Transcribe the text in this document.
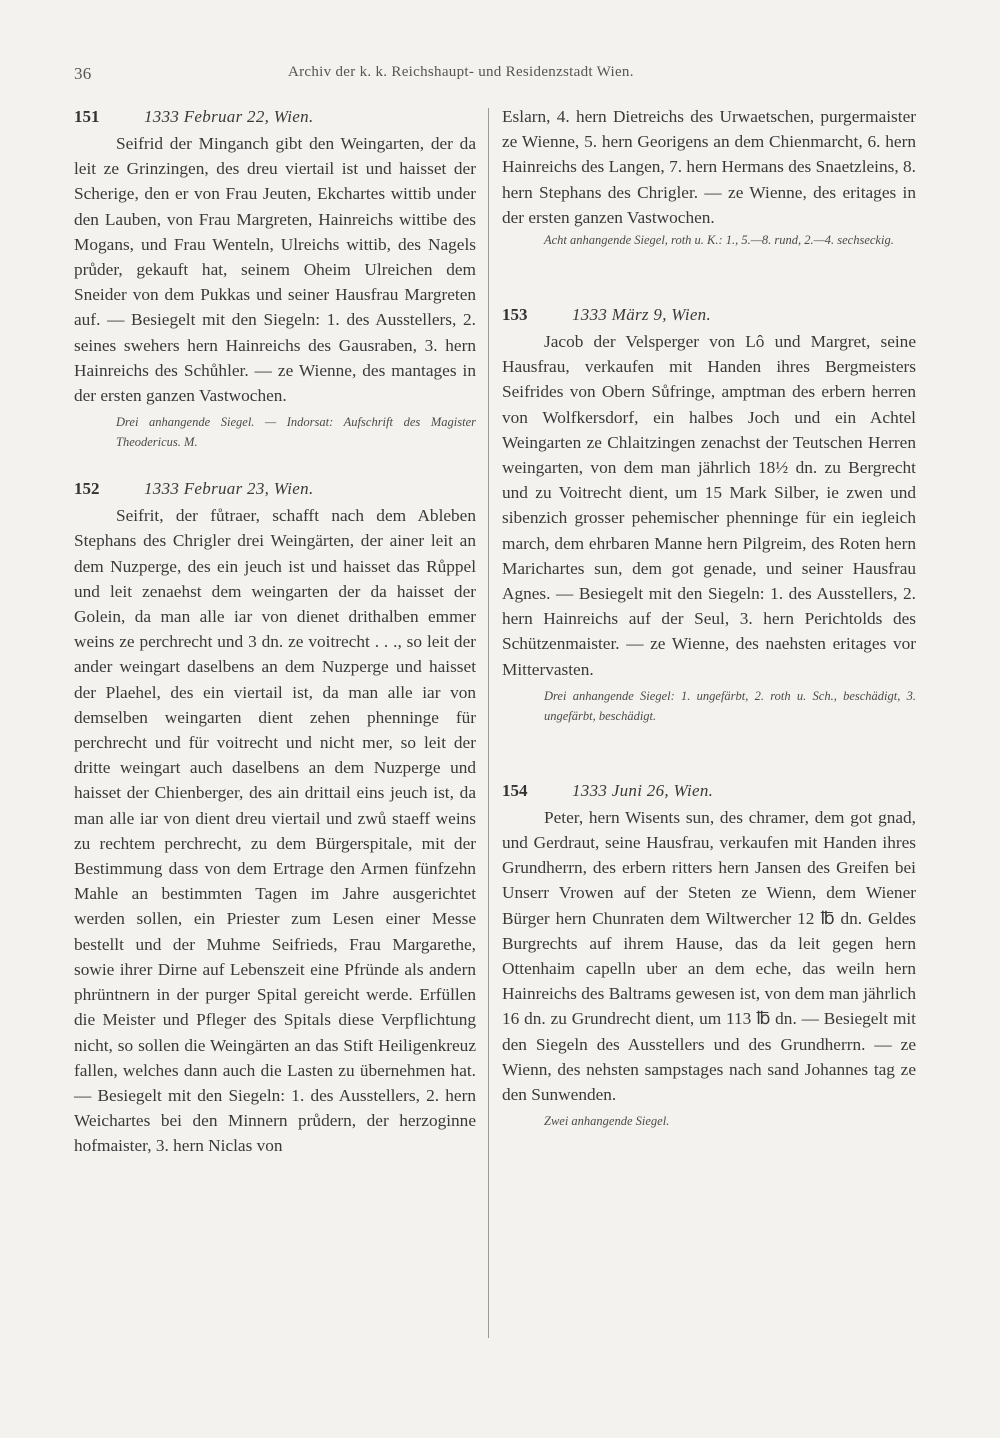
36	Archiv der k. k. Reichshaupt- und Residenzstadt Wien.
151	1333 Februar 22, Wien.

Seifrid der Minganch gibt den Weingarten, der da leit ze Grinzingen, des dreu viertail ist und haisset der Scherige, den er von Frau Jeuten, Ekchartes wittib under den Lauben, von Frau Margreten, Hainreichs wittibe des Mogans, und Frau Wenteln, Ulreichs wittib, des Nagels průder, gekauft hat, seinem Oheim Ulreichen dem Sneider von dem Pukkas und seiner Hausfrau Margreten auf. — Besiegelt mit den Siegeln: 1. des Ausstellers, 2. seines swehers hern Hainreichs des Gausraben, 3. hern Hainreichs des Schůhler. — ze Wienne, des mantages in der ersten ganzen Vastwochen.

Drei anhangende Siegel. — Indorsat: Aufschrift des Magister Theodericus. M.

152	1333 Februar 23, Wien.

Seifrit, der fůtraer, schafft nach dem Ableben Stephans des Chrigler drei Weingärten, der ainer leit an dem Nuzperge, des ein jeuch ist und haisset das Růppel und leit zenaehst dem weingarten der da haisset der Golein, da man alle iar von dienet drithalben emmer weins ze perchrecht und 3 dn. ze voitrecht . . ., so leit der ander weingart daselbens an dem Nuzperge und haisset der Plaehel, des ein viertail ist, da man alle iar von demselben weingarten dient zehen phenninge für perchrecht und für voitrecht und nicht mer, so leit der dritte weingart auch daselbens an dem Nuzperge und haisset der Chienberger, des ain drittail eins jeuch ist, da man alle iar von dient dreu viertail und zwů staeff weins zu rechtem perchrecht, zu dem Bürgerspitale, mit der Bestimmung dass von dem Ertrage den Armen fünfzehn Mahle an bestimmten Tagen im Jahre ausgerichtet werden sollen, ein Priester zum Lesen einer Messe bestellt und der Muhme Seifrieds, Frau Margarethe, sowie ihrer Dirne auf Lebenszeit eine Pfründe als andern phrüntnern in der purger Spital gereicht werde. Erfüllen die Meister und Pfleger des Spitals diese Verpflichtung nicht, so sollen die Weingärten an das Stift Heiligenkreuz fallen, welches dann auch die Lasten zu übernehmen hat. — Besiegelt mit den Siegeln: 1. des Ausstellers, 2. hern Weichartes bei den Minnern průdern, der herzoginne hofmaister, 3. hern Niclas von

Eslarn, 4. hern Dietreichs des Urwaetschen, purgermaister ze Wienne, 5. hern Georigens an dem Chienmarcht, 6. hern Hainreichs des Langen, 7. hern Hermans des Snaetzleins, 8. hern Stephans des Chrigler. — ze Wienne, des eritages in der ersten ganzen Vastwochen.

Acht anhangende Siegel, roth u. K.: 1., 5.—8. rund, 2.—4. sechseckig.

153	1333 März 9, Wien.

Jacob der Velsperger von Lô und Margret, seine Hausfrau, verkaufen mit Handen ihres Bergmeisters Seifrides von Obern Sůfringe, amptman des erbern herren von Wolfkersdorf, ein halbes Joch und ein Achtel Weingarten ze Chlaitzingen zenachst der Teutschen Herren weingarten, von dem man jährlich 18½ dn. zu Bergrecht und zu Voitrecht dient, um 15 Mark Silber, ie zwen und sibenzich grosser pehemischer phenninge für ein iegleich march, dem ehrbaren Manne hern Pilgreim, des Roten hern Marichartes sun, dem got genade, und seiner Hausfrau Agnes. — Besiegelt mit den Siegeln: 1. des Ausstellers, 2. hern Hainreichs auf der Seul, 3. hern Perichtolds des Schützenmaister. — ze Wienne, des naehsten eritages vor Mittervasten.

Drei anhangende Siegel: 1. ungefärbt, 2. roth u. Sch., beschädigt, 3. ungefärbt, beschädigt.

154	1333 Juni 26, Wien.

Peter, hern Wisents sun, des chramer, dem got gnad, und Gerdraut, seine Hausfrau, verkaufen mit Handen ihres Grundherrn, des erbern ritters hern Jansen des Greifen bei Unserr Vrowen auf der Steten ze Wienn, dem Wiener Bürger hern Chunraten dem Wiltwercher 12 ℔ dn. Geldes Burgrechts auf ihrem Hause, das da leit gegen hern Ottenhaim capelln uber an dem eche, das weiln hern Hainreichs des Baltrams gewesen ist, von dem man jährlich 16 dn. zu Grundrecht dient, um 113 ℔ dn. — Besiegelt mit den Siegeln des Ausstellers und des Grundherrn. — ze Wienn, des nehsten sampstages nach sand Johannes tag ze den Sunwenden.

Zwei anhangende Siegel.
